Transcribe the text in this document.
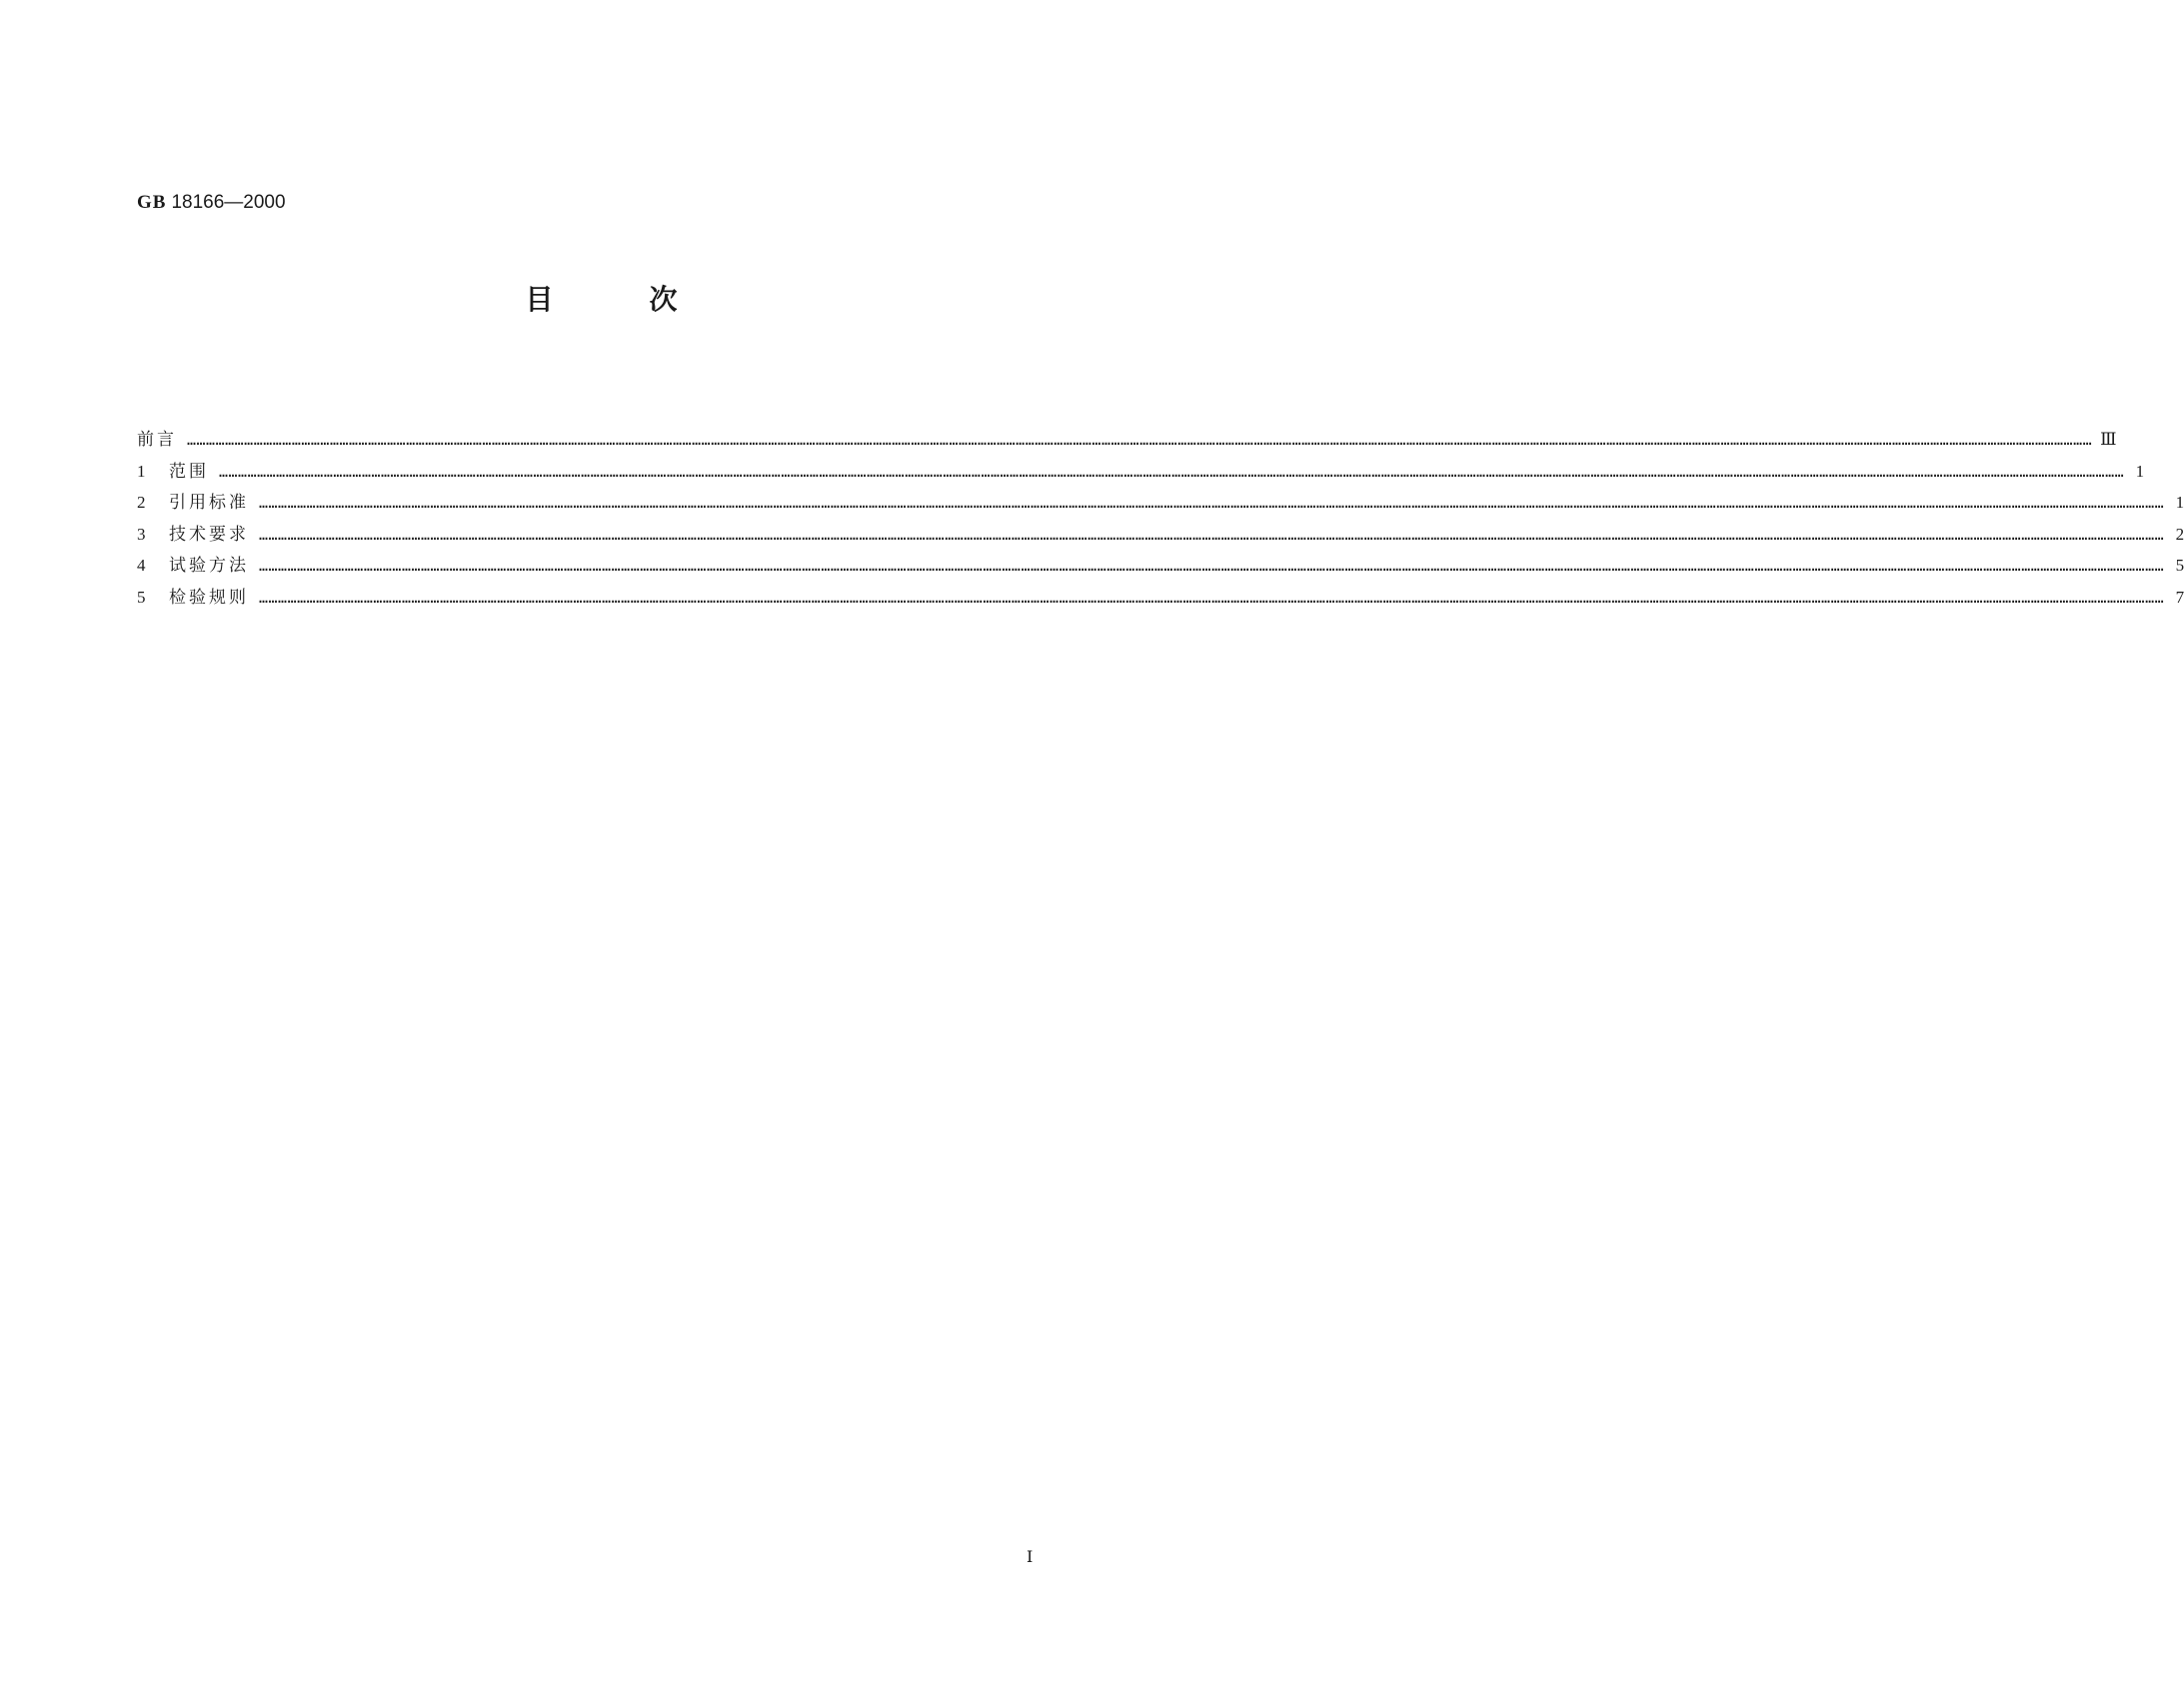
GB 18166—2000
目	次
前言 …………………………………………………………………………………………………………………………………………………………………………………………………………………………………………………………………………………………………………………………………………………………………………………………………………………………………………………………………………………………………………………………………………………… Ⅲ
1	范围 …………………………………………………………………………………………………………………………………………………………………………………………………………………………………………………………………………………………………………………………………………………………………………………………………………………………………………………………………………………………………………………………………………………… 1
2	引用标准 …………………………………………………………………………………………………………………………………………………………………………………………………………………………………………………………………………………………………………………………………………………………………………………………………………………………………………………………………………………………………………………………………………………… 1
3	技术要求 …………………………………………………………………………………………………………………………………………………………………………………………………………………………………………………………………………………………………………………………………………………………………………………………………………………………………………………………………………………………………………………………………………………… 2
4	试验方法 …………………………………………………………………………………………………………………………………………………………………………………………………………………………………………………………………………………………………………………………………………………………………………………………………………………………………………………………………………………………………………………………………………………… 5
5	检验规则 …………………………………………………………………………………………………………………………………………………………………………………………………………………………………………………………………………………………………………………………………………………………………………………………………………………………………………………………………………………………………………………………………………………… 7
Ⅰ
